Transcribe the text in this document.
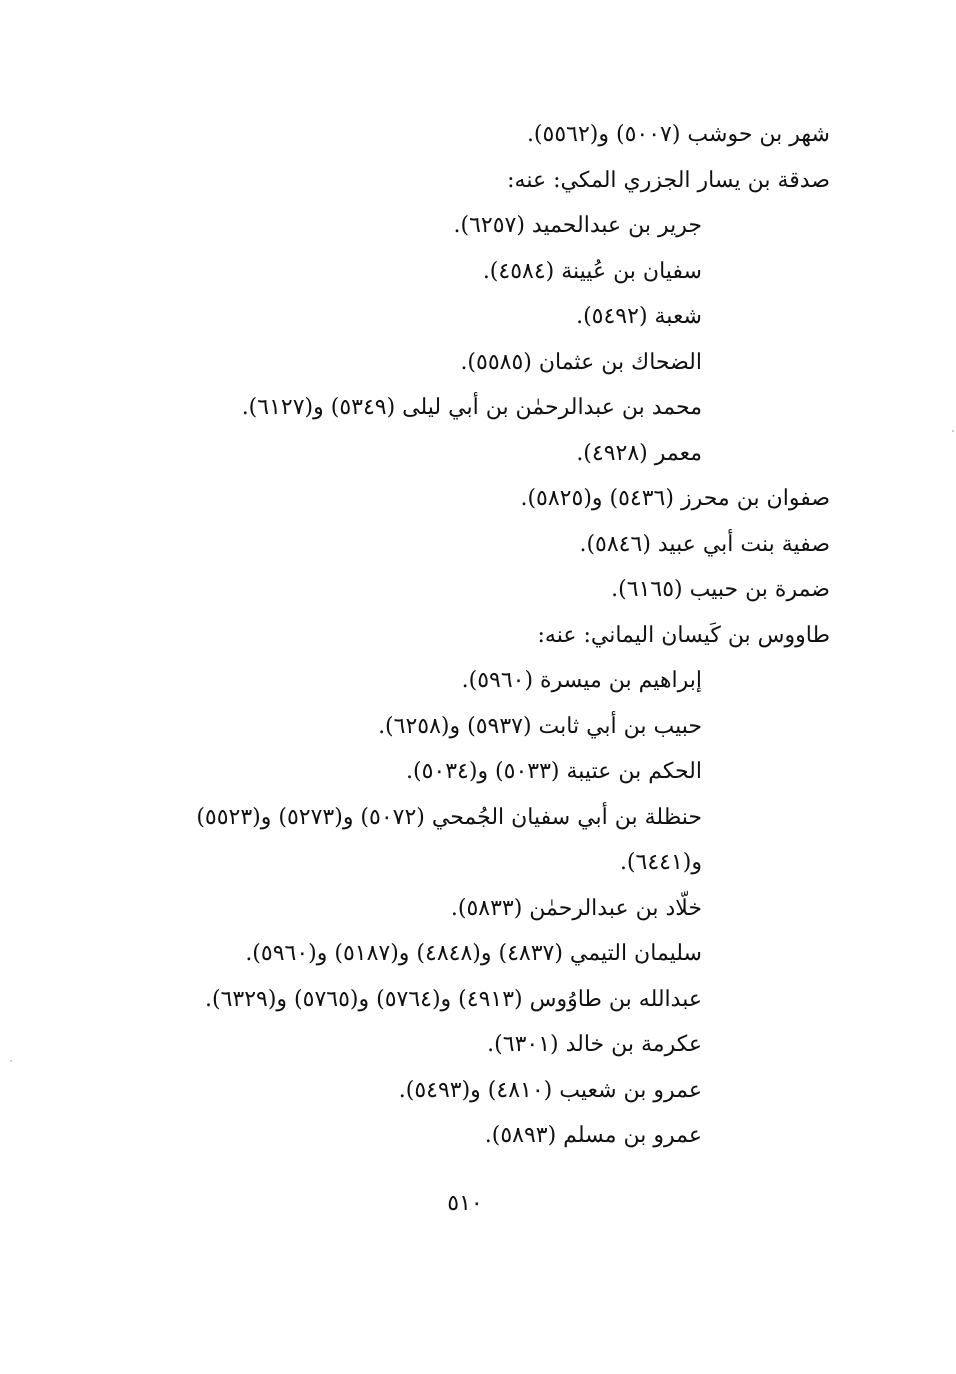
شهر بن حوشب (٥٠٠٧) و(٥٥٦٢).
صدقة بن يسار الجزري المكي: عنه:
جرير بن عبدالحميد (٦٢٥٧).
سفيان بن عُيينة (٤٥٨٤).
شعبة (٥٤٩٢).
الضحاك بن عثمان (٥٥٨٥).
محمد بن عبدالرحمٰن بن أبي ليلى (٥٣٤٩) و(٦١٢٧).
معمر (٤٩٢٨).
صفوان بن محرز (٥٤٣٦) و(٥٨٢٥).
صفية بنت أبي عبيد (٥٨٤٦).
ضمرة بن حبيب (٦١٦٥).
طاووس بن كَيسان اليماني: عنه:
إبراهيم بن ميسرة (٥٩٦٠).
حبيب بن أبي ثابت (٥٩٣٧) و(٦٢٥٨).
الحكم بن عتيبة (٥٠٣٣) و(٥٠٣٤).
حنظلة بن أبي سفيان الجُمحي (٥٠٧٢) و(٥٢٧٣) و(٥٥٢٣)
و(٦٤٤١).
خلّاد بن عبدالرحمٰن (٥٨٣٣).
سليمان التيمي (٤٨٣٧) و(٤٨٤٨) و(٥١٨٧) و(٥٩٦٠).
عبدالله بن طاوُوس (٤٩١٣) و(٥٧٦٤) و(٥٧٦٥) و(٦٣٢٩).
عكرمة بن خالد (٦٣٠١).
عمرو بن شعيب (٤٨١٠) و(٥٤٩٣).
عمرو بن مسلم (٥٨٩٣).
٥١٠
